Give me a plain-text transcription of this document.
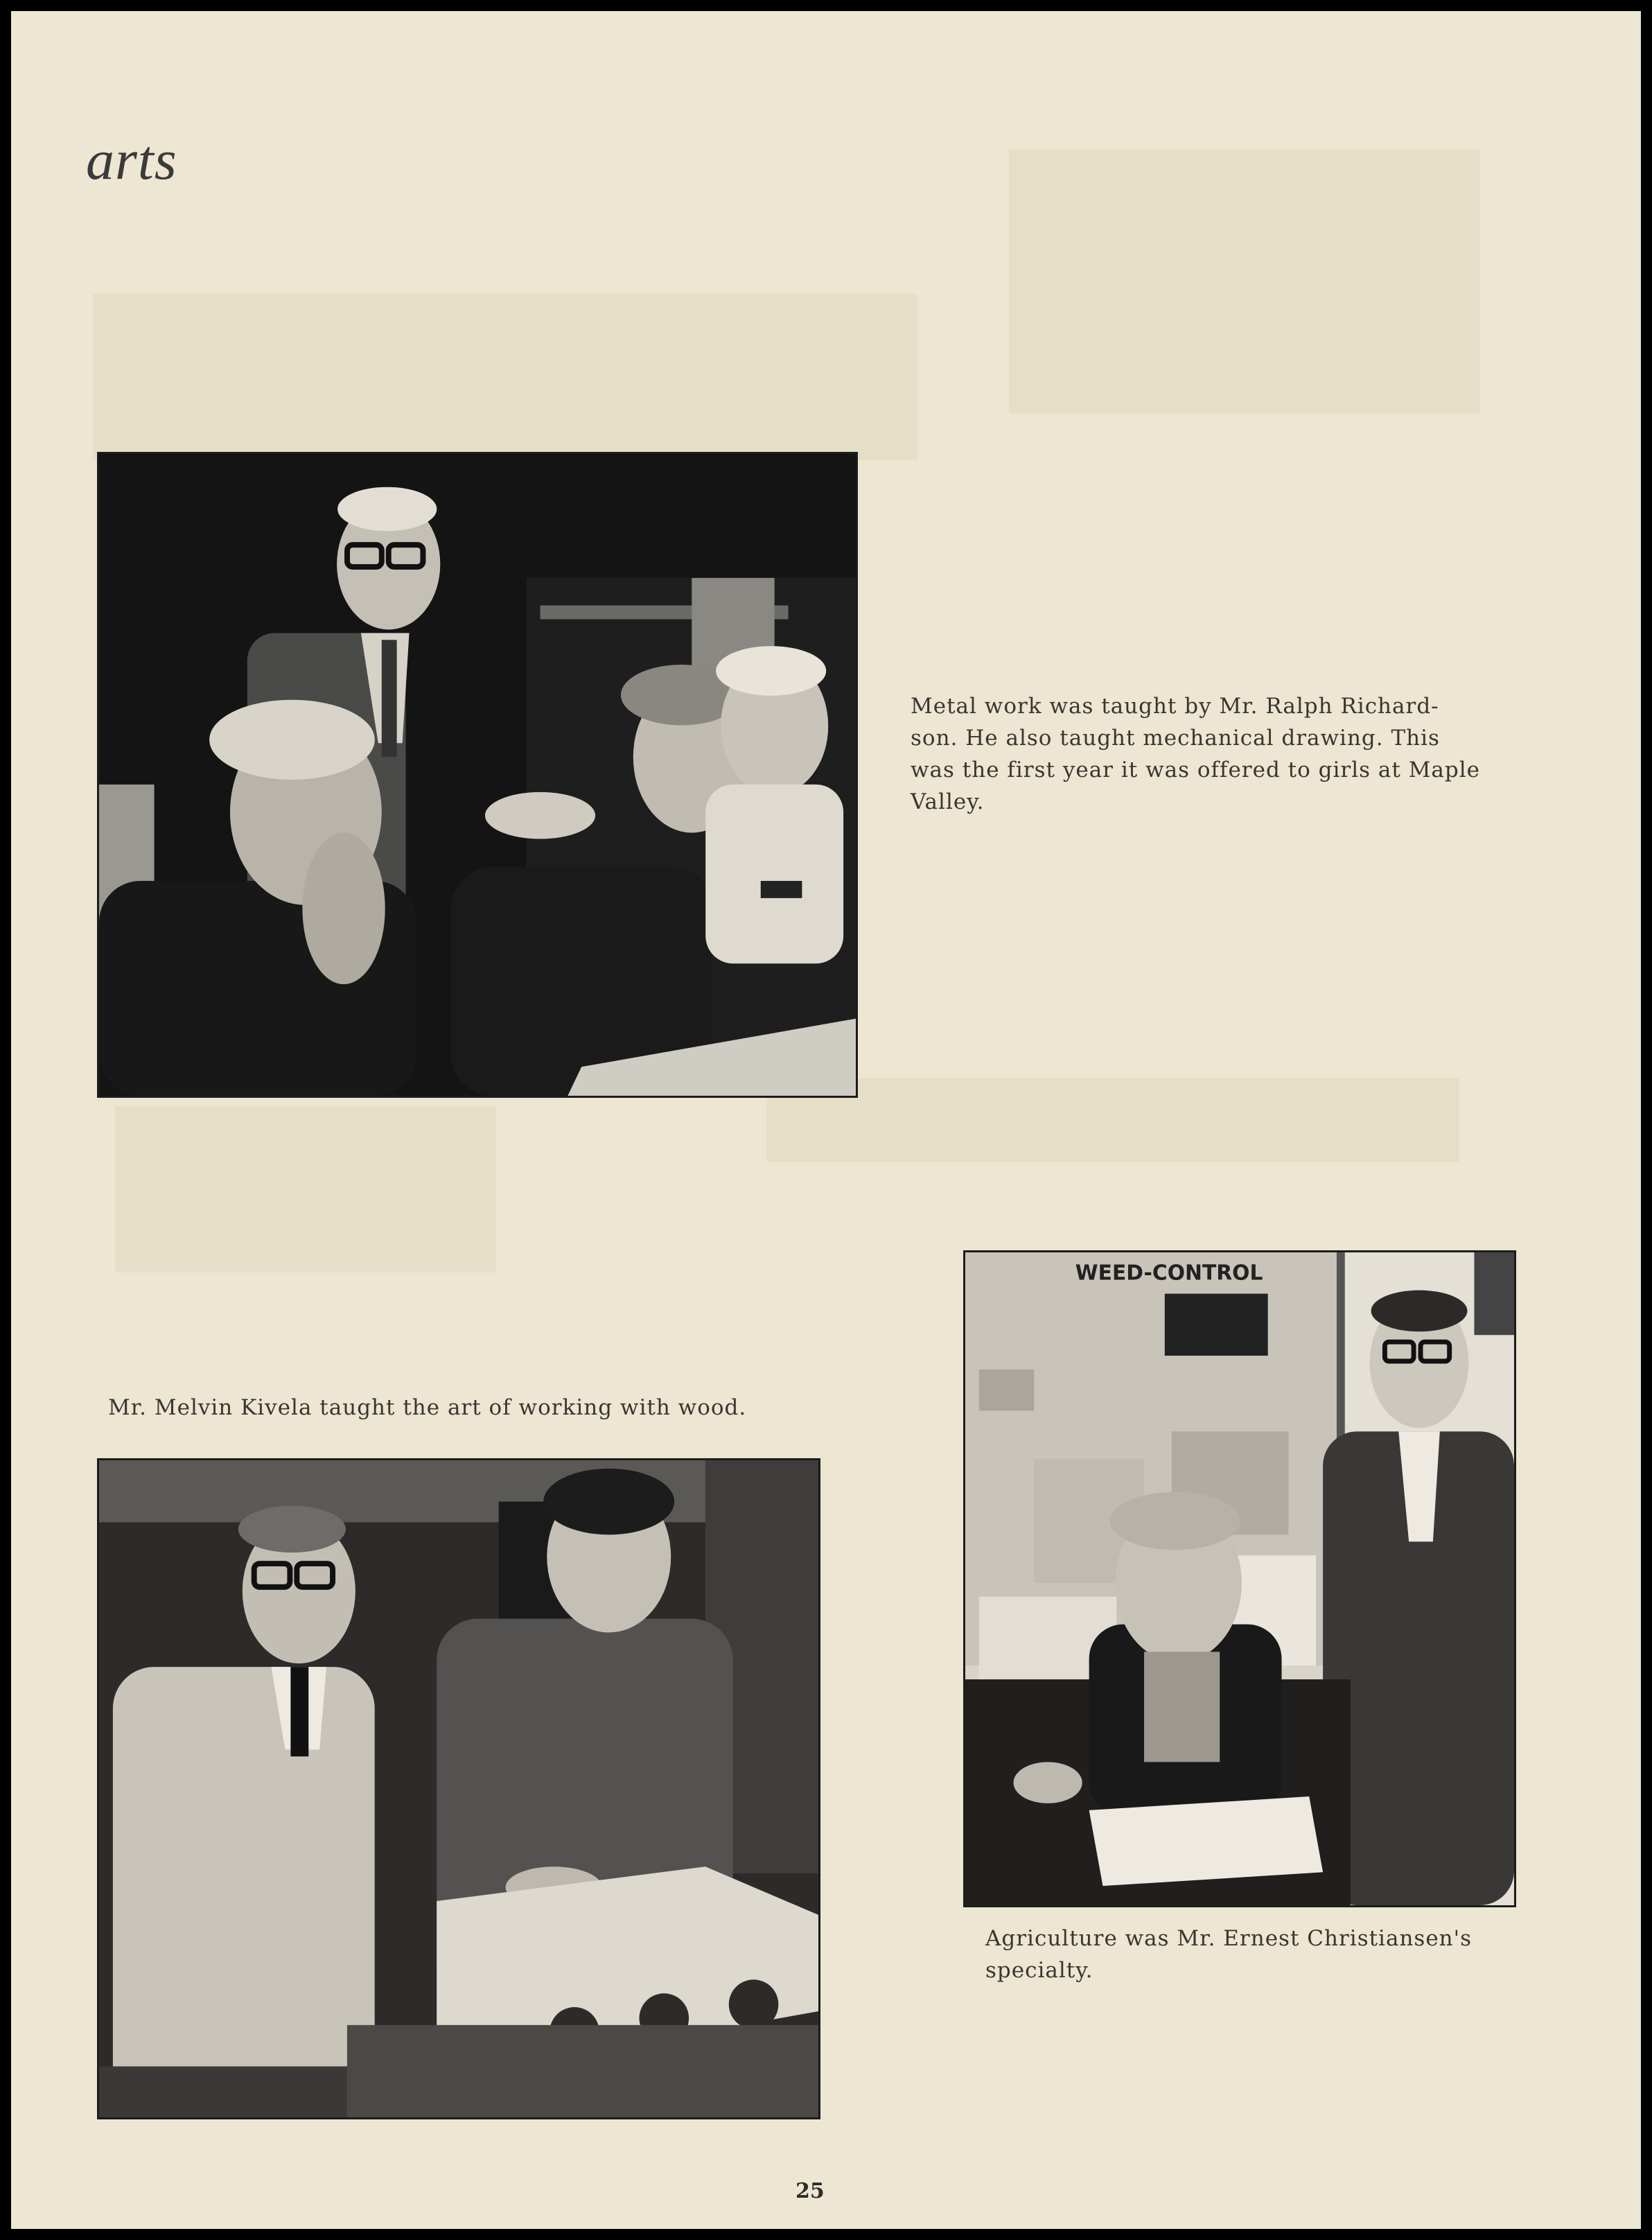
arts

Metal work was taught by Mr. Ralph Richard-son. He also taught mechanical drawing. This was the first year it was offered to girls at Maple Valley.

WEED-CONTROL

Mr. Melvin Kivela taught the art of working with wood.

Agriculture was Mr. Ernest Christiansen's specialty.

25
